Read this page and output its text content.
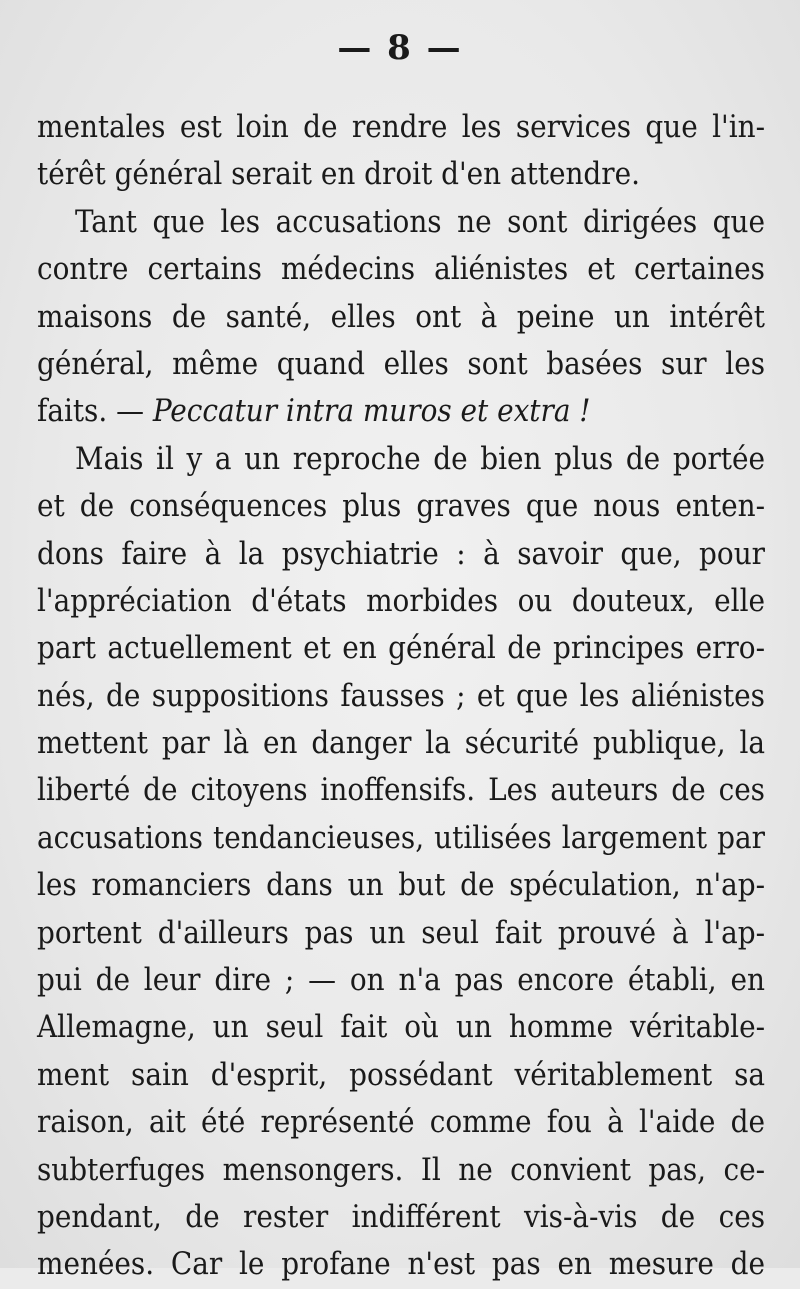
— 8 —
mentales est loin de rendre les services que l'in-
térêt général serait en droit d'en attendre.
Tant que les accusations ne sont dirigées que
contre certains médecins aliénistes et certaines
maisons de santé, elles ont à peine un intérêt
général, même quand elles sont basées sur les
faits. — Peccatur intra muros et extra !
Mais il y a un reproche de bien plus de portée
et de conséquences plus graves que nous enten-
dons faire à la psychiatrie : à savoir que, pour
l'appréciation d'états morbides ou douteux, elle
part actuellement et en général de principes erro-
nés, de suppositions fausses ; et que les aliénistes
mettent par là en danger la sécurité publique, la
liberté de citoyens inoffensifs. Les auteurs de ces
accusations tendancieuses, utilisées largement par
les romanciers dans un but de spéculation, n'ap-
portent d'ailleurs pas un seul fait prouvé à l'ap-
pui de leur dire ; — on n'a pas encore établi, en
Allemagne, un seul fait où un homme véritable-
ment sain d'esprit, possédant véritablement sa
raison, ait été représenté comme fou à l'aide de
subterfuges mensongers. Il ne convient pas, ce-
pendant, de rester indifférent vis-à-vis de ces
menées. Car le profane n'est pas en mesure de
